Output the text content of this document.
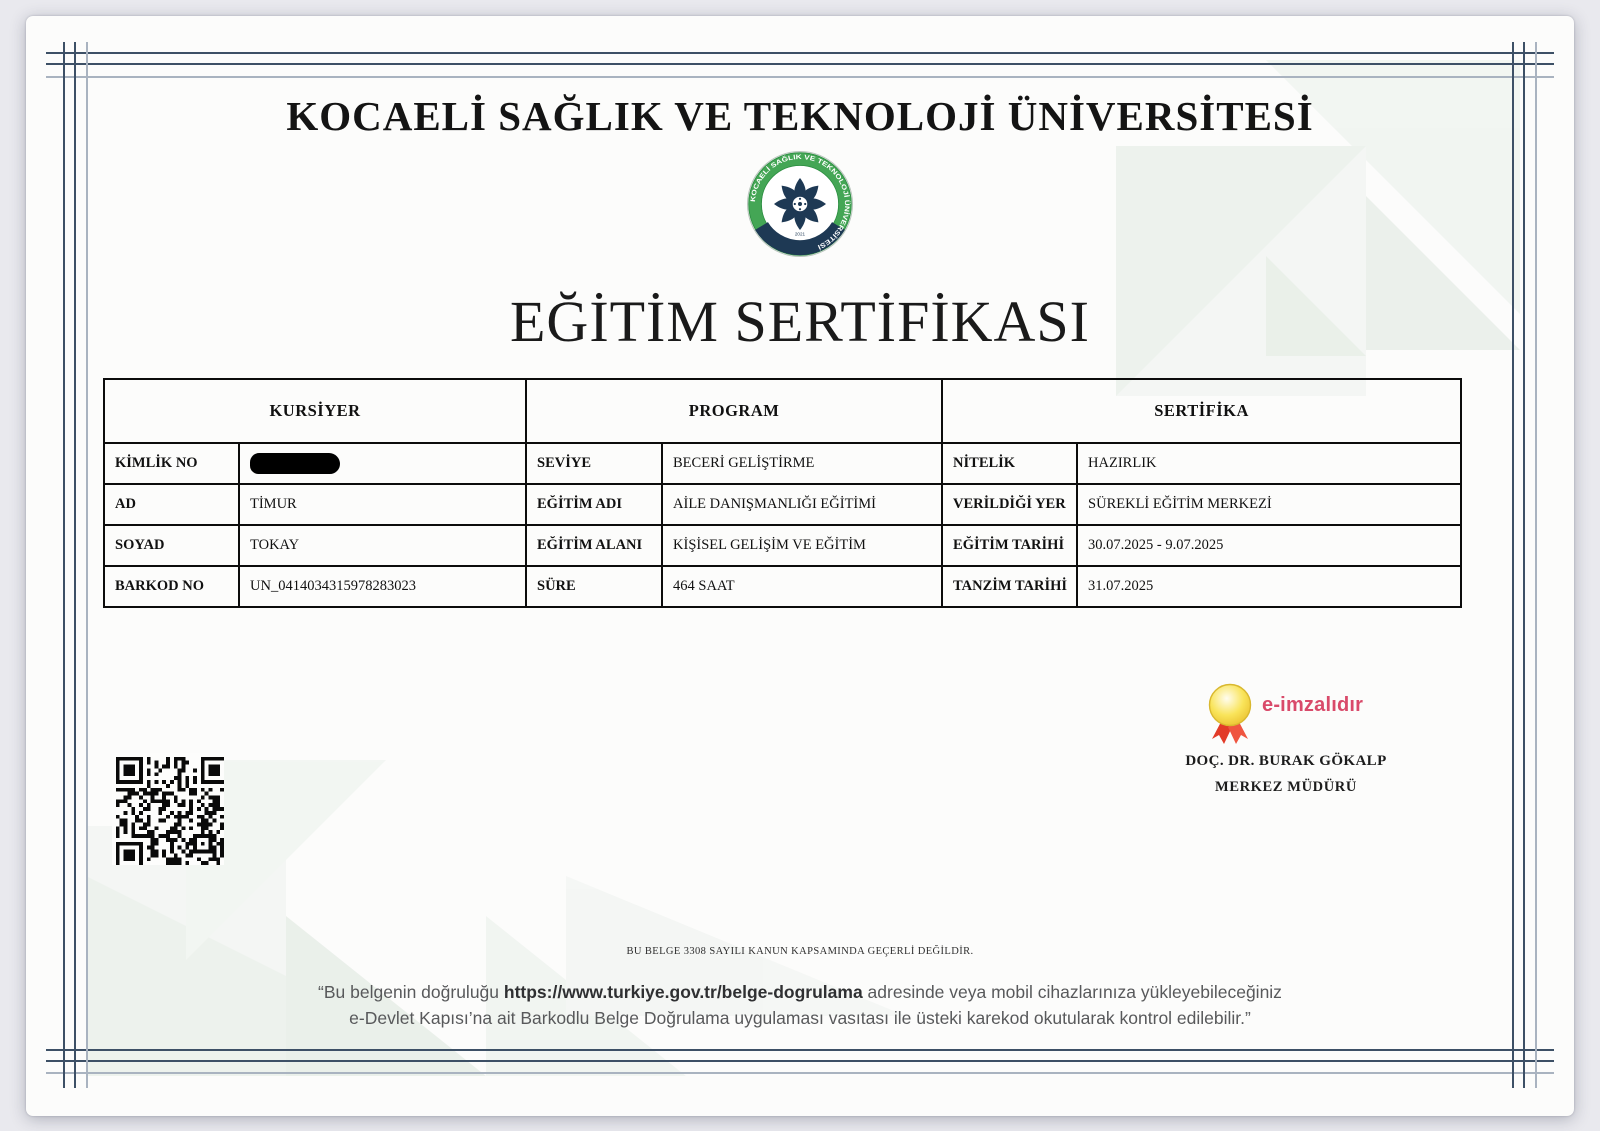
KOCAELİ SAĞLIK VE TEKNOLOJİ ÜNİVERSİTESİ
KOCAELİ SAĞLIK VE TEKNOLOJİ ÜNİVERSİTESİ
2021
EĞİTİM SERTİFİKASI
KURSİYER		PROGRAM		SERTİFİKA	
KİMLİK NO		SEVİYE	BECERİ GELİŞTİRME	NİTELİK	HAZIRLIK
AD	TİMUR	EĞİTİM ADI	AİLE DANIŞMANLIĞI EĞİTİMİ	VERİLDİĞİ YER	SÜREKLİ EĞİTİM MERKEZİ
SOYAD	TOKAY	EĞİTİM ALANI	KİŞİSEL GELİŞİM VE EĞİTİM	EĞİTİM TARİHİ	30.07.2025 - 9.07.2025
BARKOD NO	UN_0414034315978283023	SÜRE	464 SAAT	TANZİM TARİHİ	31.07.2025
e-imzalıdır
DOÇ. DR. BURAK GÖKALP
MERKEZ MÜDÜRÜ
BU BELGE 3308 SAYILI KANUN KAPSAMINDA GEÇERLİ DEĞİLDİR.
“Bu belgenin doğruluğu https://www.turkiye.gov.tr/belge-dogrulama adresinde veya mobil cihazlarınıza yükleyebileceğiniz
e-Devlet Kapısı’na ait Barkodlu Belge Doğrulama uygulaması vasıtası ile üsteki karekod okutularak kontrol edilebilir.”
